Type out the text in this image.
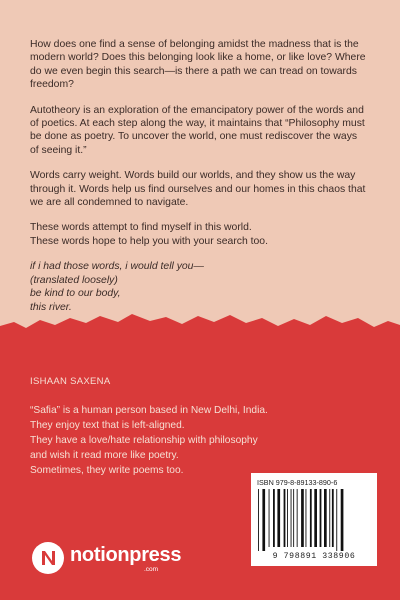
How does one find a sense of belonging amidst the madness that is the modern world? Does this belonging look like a home, or like love? Where do we even begin this search—is there a path we can tread on towards freedom?

Autotheory is an exploration of the emancipatory power of the words and of poetics. At each step along the way, it maintains that “Philosophy must be done as poetry. To uncover the world, one must rediscover the ways of seeing it.”

Words carry weight. Words build our worlds, and they show us the way through it. Words help us find ourselves and our homes in this chaos that we are all condemned to navigate.

These words attempt to find myself in this world.

These words hope to help you with your search too.

if i had those words, i would tell you—
(translated loosely)
be kind to our body,
this river.
ISHAAN SAXENA
“Safia” is a human person based in New Delhi, India.
They enjoy text that is left-aligned.
They have a love/hate relationship with philosophy
and wish it read more like poetry.
Sometimes, they write poems too.
ISBN 979-8-89133-890-6
9 798891 338906
notionpress
.com
